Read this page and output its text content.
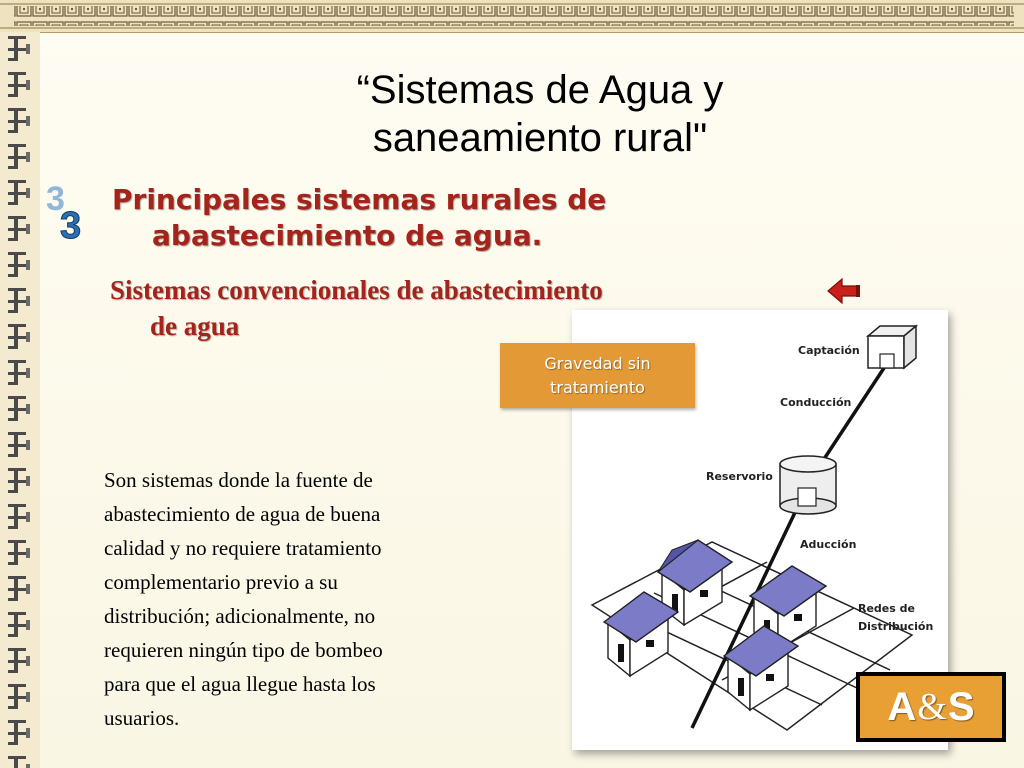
“Sistemas de Agua y
saneamiento rural"
3
3
Principales sistemas rurales de
abastecimiento de agua.
Sistemas convencionales de abastecimiento
de agua
Captación
Conducción
Reservorio
Aducción
Redes de
Distribución
Gravedad sin
tratamiento
Son sistemas donde la fuente de
abastecimiento de agua de buena
calidad y no requiere tratamiento
complementario previo a su
distribución; adicionalmente, no
requieren ningún tipo de bombeo
para que el agua llegue hasta los
usuarios.	A & S
